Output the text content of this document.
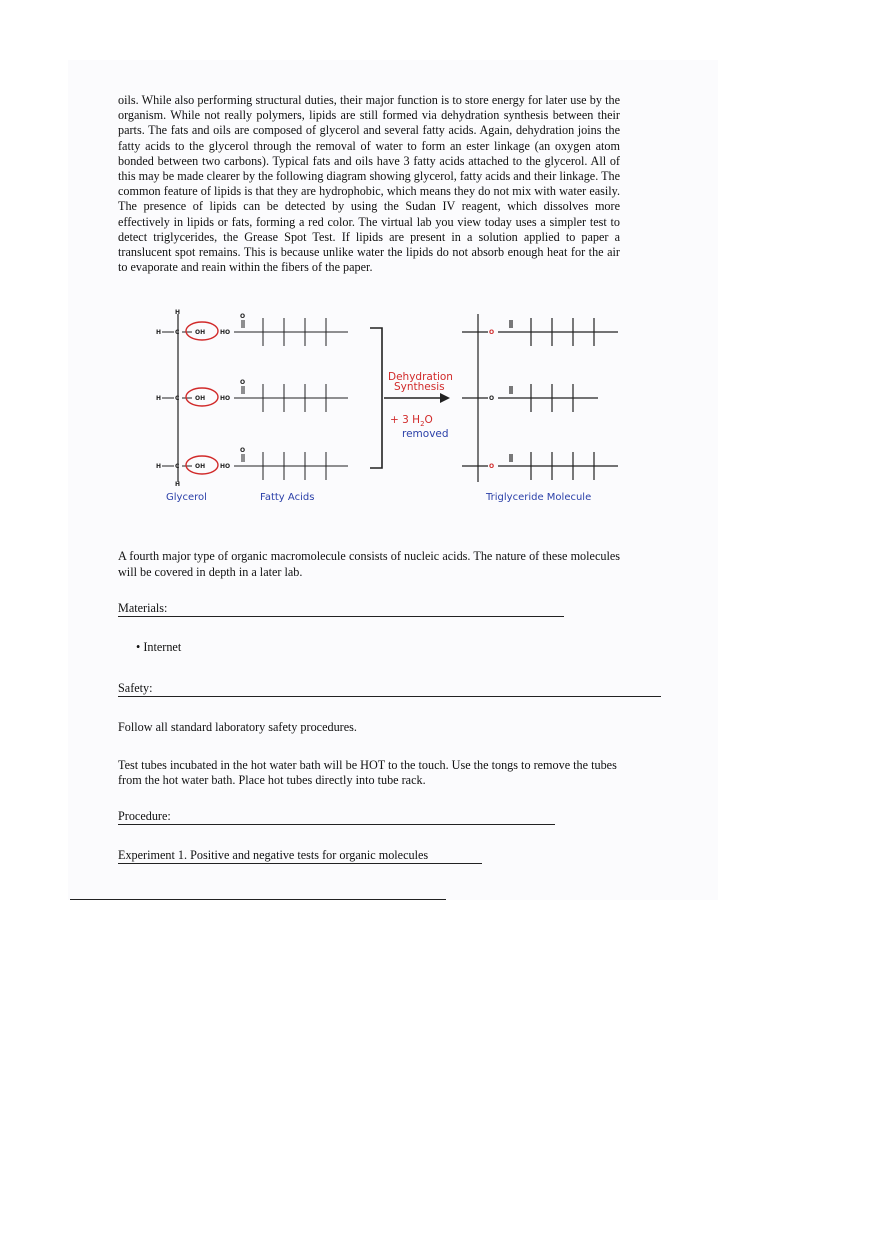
oils. While also performing structural duties, their major function is to store energy for later use by the organism. While not really polymers, lipids are still formed via dehydration synthesis between their parts. The fats and oils are composed of glycerol and several fatty acids. Again, dehydration joins the fatty acids to the glycerol through the removal of water to form an ester linkage (an oxygen atom bonded between two carbons). Typical fats and oils have 3 fatty acids attached to the glycerol. All of this may be made clearer by the following diagram showing glycerol, fatty acids and their linkage. The common feature of lipids is that they are hydrophobic, which means they do not mix with water easily. The presence of lipids can be detected by using the Sudan IV reagent, which dissolves more effectively in lipids or fats, forming a red color. The virtual lab you view today uses a simpler test to detect triglycerides, the Grease Spot Test. If lipids are present in a solution applied to paper a translucent spot remains. This is because unlike water the lipids do not absorb enough heat for the air to evaporate and reain within the fibers of the paper.

H C	OH
H
H C	OH
H C	OH
H
HO
O
HO
O
HO
O
Dehydration
Synthesis
+ 3 $H_2O$
removed
O
O
O
Glycerol	Fatty Acids	Triglyceride Molecule

A fourth major type of organic macromolecule consists of nucleic acids. The nature of these molecules will be covered in depth in a later lab.

Materials:
• Internet
Safety:
Follow all standard laboratory safety procedures.
Test tubes incubated in the hot water bath will be HOT to the touch. Use the tongs to remove the tubes from the hot water bath. Place hot tubes directly into tube rack.
Procedure:
Experiment 1. Positive and negative tests for organic molecules
